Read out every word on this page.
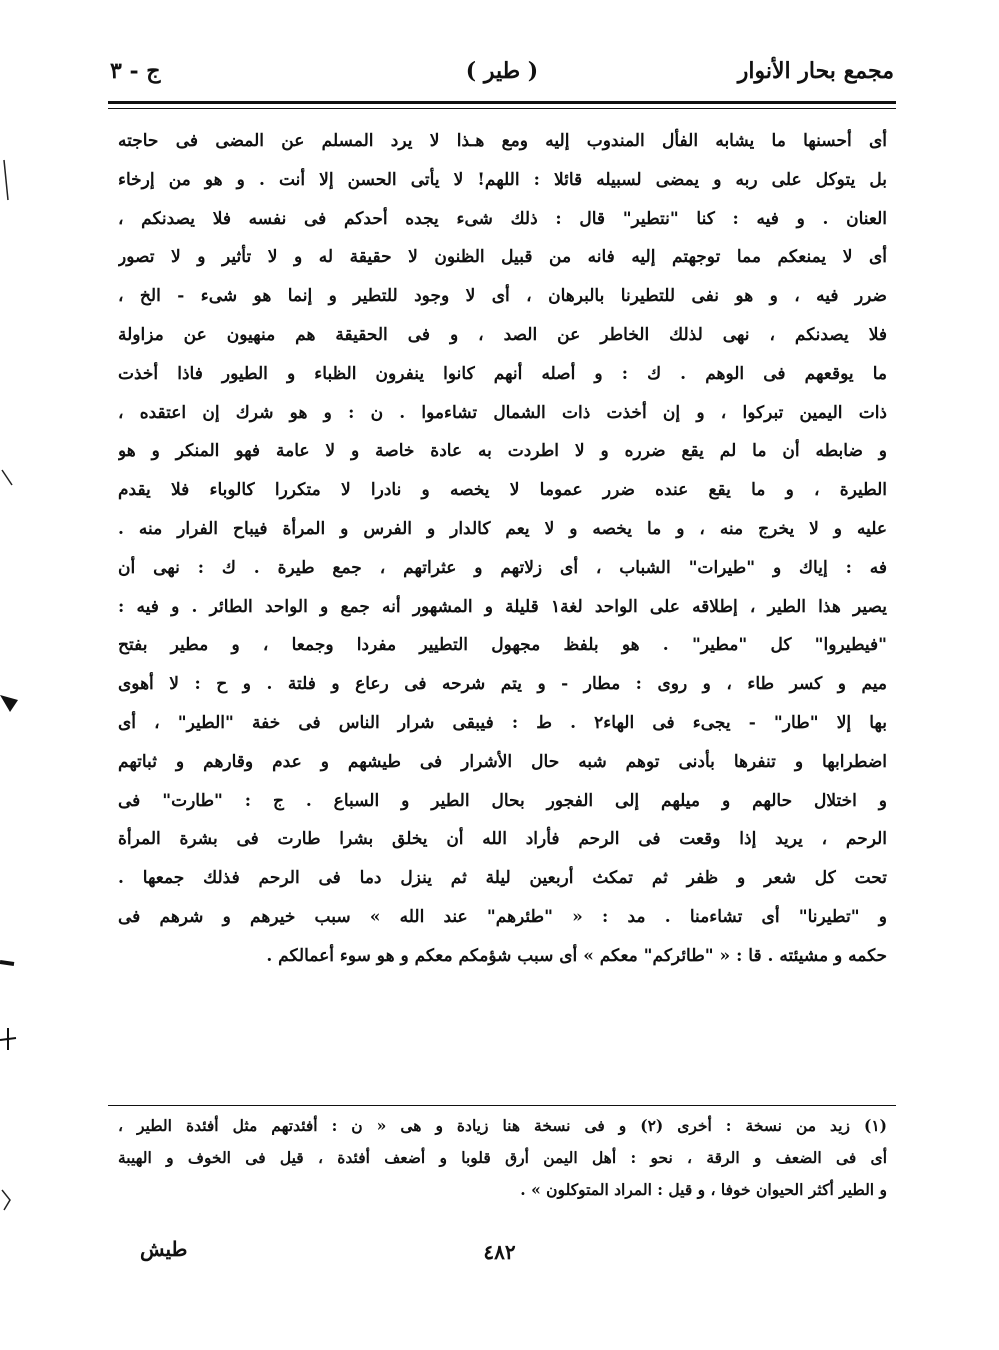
مجمع بحار الأنوار
( طير )
ج - ٣
أى أحسنها ما يشابه الفأل المندوب إليه ومع هـذا لا يرد المسلم عن المضى فى حاجته
بل يتوكل على ربه و يمضى لسبيله قائلا : اللهم! لا يأتى الحسن إلا أنت . و هو من إرخاء
العنان . و فيه : كنا "نتطير" قال : ذلك شىء يجده أحدكم فى نفسه فلا يصدنكم ،
أى لا يمنعكم مما توجهتم إليه فانه من قبيل الظنون لا حقيقة له و لا تأثير و لا تصور
ضرر فيه ، و هو نفى للتطيرنا بالبرهان ، أى لا وجود للتطير و إنما هو شىء - الخ ،
فلا يصدنكم ، نهى لذلك الخاطر عن الصد ، و فى الحقيقة هم منهيون عن مزاولة
ما يوقعهم فى الوهم . ك : و أصله أنهم كانوا ينفرون الظباء و الطيور فاذا أخذت
ذات اليمين تبركوا ، و إن أخذت ذات الشمال تشاءموا . ن : و هو شرك إن اعتقده ،
و ضابطه أن ما لم يقع ضرره و لا اطردت به عادة خاصة و لا عامة فهو المنكر و هو
الطيرة ، و ما يقع عنده ضرر عموما لا يخصه و نادرا لا متكررا كالوباء فلا يقدم
عليه و لا يخرج منه ، و ما يخصه و لا يعم كالدار و الفرس و المرأة فيباح الفرار منه .
فه : إياك و "طيرات" الشباب ، أى زلاتهم و عثراتهم ، جمع طيرة . ك : نهى أن
يصير هذا الطير ، إطلاقه على الواحد لغة١ قليلة و المشهور أنه جمع و الواحد الطائر . و فيه :
"فيطيروا" كل "مطير" . هو بلفظ مجهول التطيير مفردا وجمعا ، و مطير بفتح
ميم و كسر طاء ، و روى : مطار - و يتم شرحه فى رعاع و فلتة . و ح : لا أهوى
بها إلا "طار" - يجىء فى الهاء٢ . ط : فيبقى شرار الناس فى خفة "الطير" ، أى
اضطرابها و تنفرها بأدنى توهم شبه حال الأشرار فى طيشهم و عدم وقارهم و ثباتهم
و اختلال حالهم و ميلهم إلى الفجور بحال الطير و السباع . ج : "طارت" فى
الرحم ، يريد إذا وقعت فى الرحم فأراد الله أن يخلق بشرا طارت فى بشرة المرأة
تحت كل شعر و ظفر ثم تمكث أربعين ليلة ثم ينزل دما فى الرحم فذلك جمعها .
و "تطيرنا" أى تشاءمنا . مد : « "طئرهم" عند الله » سبب خيرهم و شرهم فى
حكمه و مشيئته . قا : « "طائركم" معكم » أى سبب شؤمكم معكم و هو سوء أعمالكم .
(١) زيد من نسخة : أخرى (٢) و فى نسخة هنا زيادة و هى « ن : أفئدتهم مثل أفئدة الطير ،
أى فى الضعف و الرقة ، نحو : أهل اليمن أرق قلوبا و أضعف أفئدة ، قيل فى الخوف و الهيبة
و الطير أكثر الحيوان خوفا ، و قيل : المراد المتوكلون » .
طيش	٤٨٢
